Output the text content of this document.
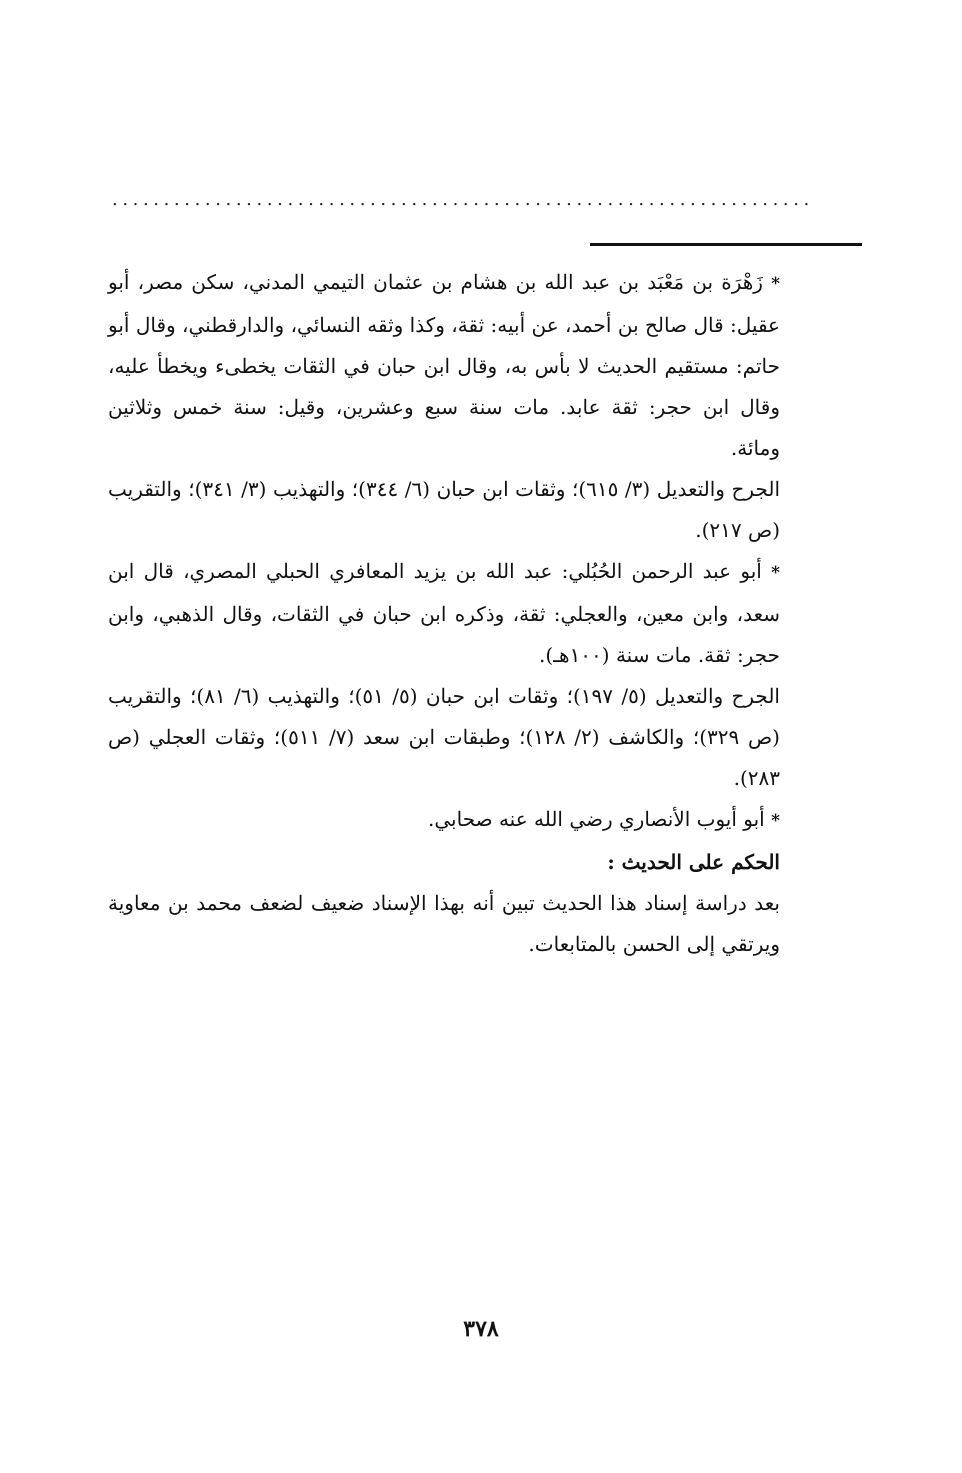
....................................................................

* زَهْرَة بن مَعْبَد بن عبد الله بن هشام بن عثمان التيمي المدني، سكن مصر، أبو عقيل: قال صالح بن أحمد، عن أبيه: ثقة، وكذا وثقه النسائي، والدارقطني، وقال أبو حاتم: مستقيم الحديث لا بأس به، وقال ابن حبان في الثقات يخطىء ويخطأ عليه، وقال ابن حجر: ثقة عابد. مات سنة سبع وعشرين، وقيل: سنة خمس وثلاثين ومائة.

الجرح والتعديل (٣/ ٦١٥)؛ وثقات ابن حبان (٦/ ٣٤٤)؛ والتهذيب (٣/ ٣٤١)؛ والتقريب (ص ٢١٧).

* أبو عبد الرحمن الحُبُلي: عبد الله بن يزيد المعافري الحبلي المصري، قال ابن سعد، وابن معين، والعجلي: ثقة، وذكره ابن حبان في الثقات، وقال الذهبي، وابن حجر: ثقة. مات سنة (١٠٠هـ).

الجرح والتعديل (٥/ ١٩٧)؛ وثقات ابن حبان (٥/ ٥١)؛ والتهذيب (٦/ ٨١)؛ والتقريب (ص ٣٢٩)؛ والكاشف (٢/ ١٢٨)؛ وطبقات ابن سعد (٧/ ٥١١)؛ وثقات العجلي (ص ٢٨٣).

* أبو أيوب الأنصاري رضي الله عنه صحابي.

الحكم على الحديث :

بعد دراسة إسناد هذا الحديث تبين أنه بهذا الإسناد ضعيف لضعف محمد بن معاوية ويرتقي إلى الحسن بالمتابعات.

٣٧٨
